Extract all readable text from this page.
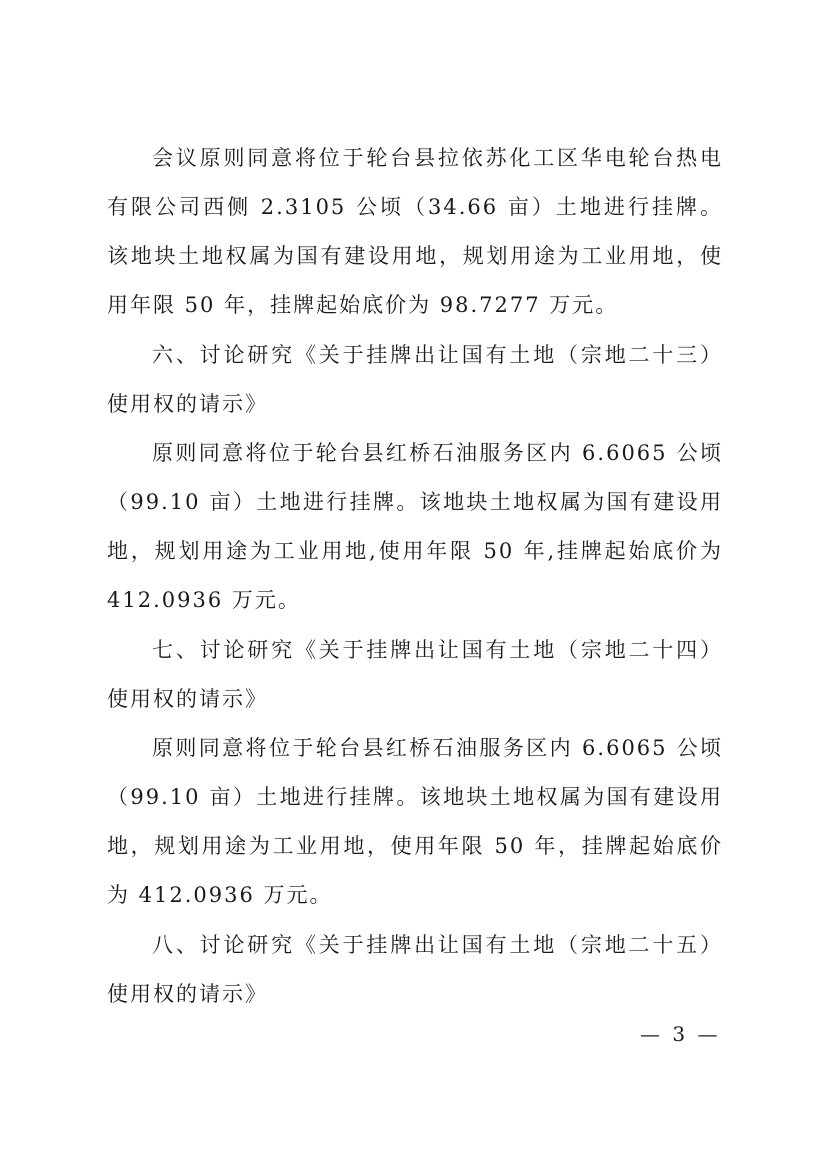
会议原则同意将位于轮台县拉依苏化工区华电轮台热电有限公司西侧 2.3105 公顷（34.66 亩）土地进行挂牌。该地块土地权属为国有建设用地，规划用途为工业用地，使用年限 50 年，挂牌起始底价为 98.7277 万元。

六、讨论研究《关于挂牌出让国有土地（宗地二十三）使用权的请示》

原则同意将位于轮台县红桥石油服务区内 6.6065 公顷（99.10 亩）土地进行挂牌。该地块土地权属为国有建设用地，规划用途为工业用地,使用年限 50 年,挂牌起始底价为 412.0936 万元。

七、讨论研究《关于挂牌出让国有土地（宗地二十四）使用权的请示》

原则同意将位于轮台县红桥石油服务区内 6.6065 公顷（99.10 亩）土地进行挂牌。该地块土地权属为国有建设用地，规划用途为工业用地，使用年限 50 年，挂牌起始底价为 412.0936 万元。

八、讨论研究《关于挂牌出让国有土地（宗地二十五）使用权的请示》

— 3 —
